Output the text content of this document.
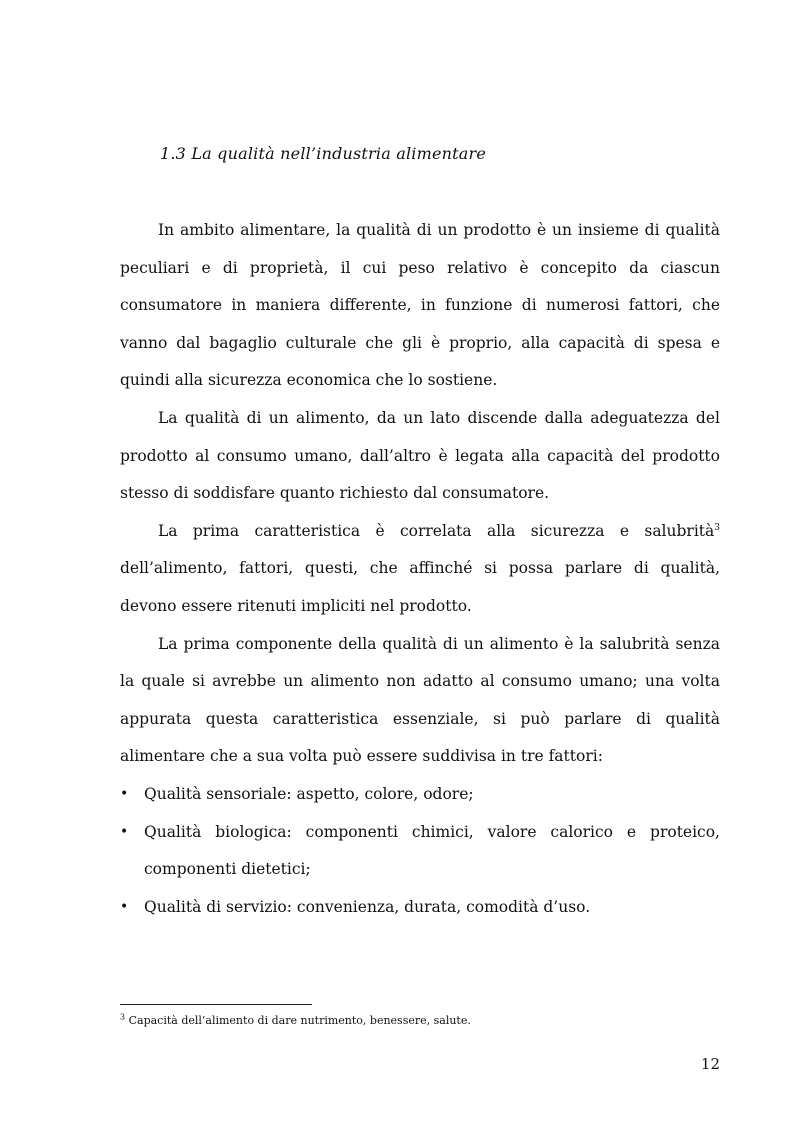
1.3 La qualità nell’industria alimentare

In ambito alimentare, la qualità di un prodotto è un insieme di qualità peculiari e di proprietà, il cui peso relativo è concepito da ciascun consumatore in maniera differente, in funzione di numerosi fattori, che vanno dal bagaglio culturale che gli è proprio, alla capacità di spesa e quindi alla sicurezza economica che lo sostiene.

La qualità di un alimento, da un lato discende dalla adeguatezza del prodotto al consumo umano, dall’altro è legata alla capacità del prodotto stesso di soddisfare quanto richiesto dal consumatore.

La prima caratteristica è correlata alla sicurezza e salubrità$^3$ dell’alimento, fattori, questi, che affinché si possa parlare di qualità, devono essere ritenuti impliciti nel prodotto.

La prima componente della qualità di un alimento è la salubrità senza la quale si avrebbe un alimento non adatto al consumo umano; una volta appurata questa caratteristica essenziale, si può parlare di qualità alimentare che a sua volta può essere suddivisa in tre fattori:

• Qualità sensoriale: aspetto, colore, odore;
• Qualità biologica: componenti chimici, valore calorico e proteico, componenti dietetici;
• Qualità di servizio: convenienza, durata, comodità d’uso.
$^3$ Capacità dell’alimento di dare nutrimento, benessere, salute.
12
